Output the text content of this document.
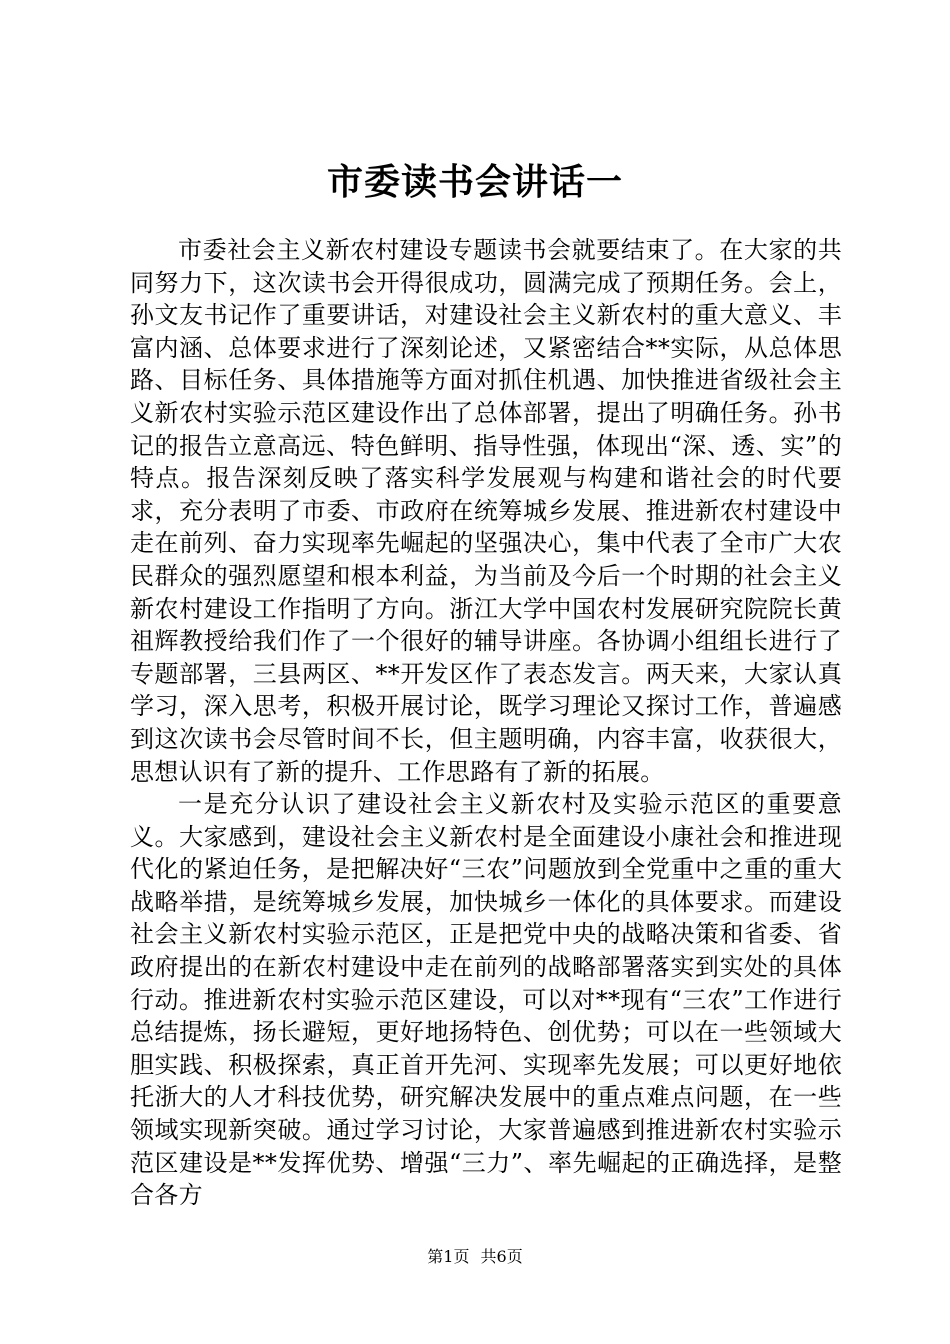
市委读书会讲话一

市委社会主义新农村建设专题读书会就要结束了。在大家的共同努力下，这次读书会开得很成功，圆满完成了预期任务。会上，孙文友书记作了重要讲话，对建设社会主义新农村的重大意义、丰富内涵、总体要求进行了深刻论述，又紧密结合**实际，从总体思路、目标任务、具体措施等方面对抓住机遇、加快推进省级社会主义新农村实验示范区建设作出了总体部署，提出了明确任务。孙书记的报告立意高远、特色鲜明、指导性强，体现出“深、透、实”的特点。报告深刻反映了落实科学发展观与构建和谐社会的时代要求，充分表明了市委、市政府在统筹城乡发展、推进新农村建设中走在前列、奋力实现率先崛起的坚强决心，集中代表了全市广大农民群众的强烈愿望和根本利益，为当前及今后一个时期的社会主义新农村建设工作指明了方向。浙江大学中国农村发展研究院院长黄祖辉教授给我们作了一个很好的辅导讲座。各协调小组组长进行了专题部署，三县两区、**开发区作了表态发言。两天来，大家认真学习，深入思考，积极开展讨论，既学习理论又探讨工作，普遍感到这次读书会尽管时间不长，但主题明确，内容丰富，收获很大，思想认识有了新的提升、工作思路有了新的拓展。

一是充分认识了建设社会主义新农村及实验示范区的重要意义。大家感到，建设社会主义新农村是全面建设小康社会和推进现代化的紧迫任务，是把解决好“三农”问题放到全党重中之重的重大战略举措，是统筹城乡发展，加快城乡一体化的具体要求。而建设社会主义新农村实验示范区，正是把党中央的战略决策和省委、省政府提出的在新农村建设中走在前列的战略部署落实到实处的具体行动。推进新农村实验示范区建设，可以对**现有“三农”工作进行总结提炼，扬长避短，更好地扬特色、创优势；可以在一些领域大胆实践、积极探索，真正首开先河、实现率先发展；可以更好地依托浙大的人才科技优势，研究解决发展中的重点难点问题，在一些领域实现新突破。通过学习讨论，大家普遍感到推进新农村实验示范区建设是**发挥优势、增强“三力”、率先崛起的正确选择，是整合各方

第1页 共6页
